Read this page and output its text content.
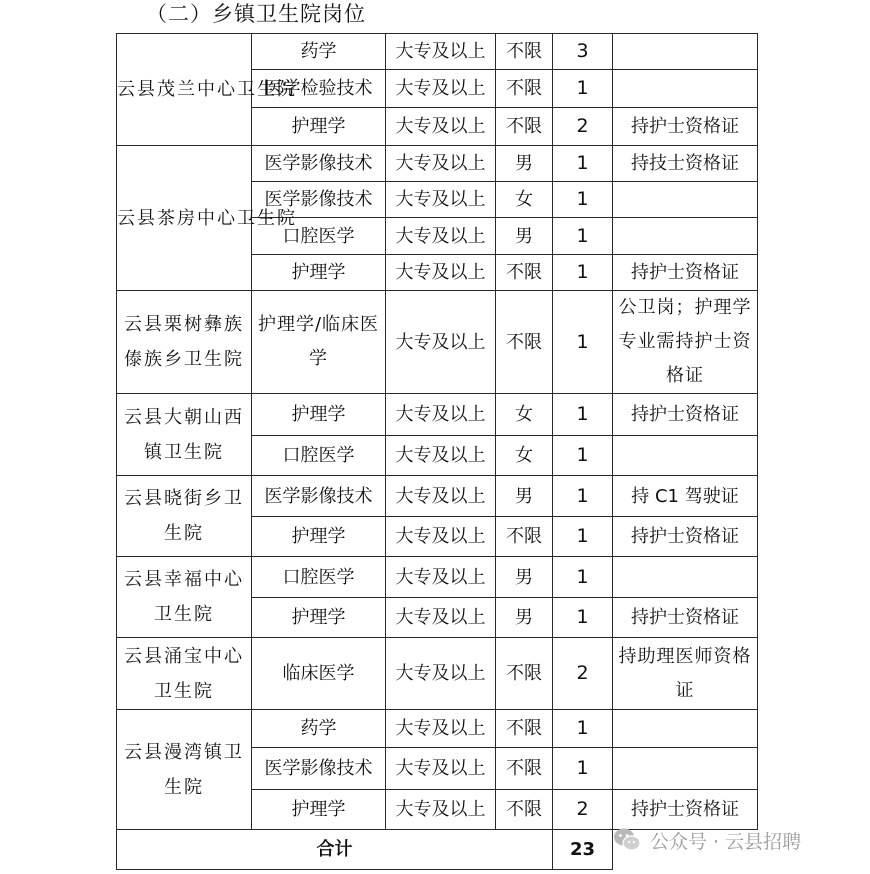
（二）乡镇卫生院岗位
云县茂兰中心卫生院	药学	大专及以上	不限	3	
	医学检验技术	大专及以上	不限	1	
	护理学	大专及以上	不限	2	持护士资格证
云县茶房中心卫生院	医学影像技术	大专及以上	男	1	持技士资格证
	医学影像技术	大专及以上	女	1	
	口腔医学	大专及以上	男	1	
	护理学	大专及以上	不限	1	持护士资格证
云县栗树彝族傣族乡卫生院	护理学/临床医学	大专及以上	不限	1	公卫岗；护理学专业需持护士资格证
云县大朝山西镇卫生院	护理学	大专及以上	女	1	持护士资格证
	口腔医学	大专及以上	女	1	
云县晓街乡卫生院	医学影像技术	大专及以上	男	1	持 C1 驾驶证
	护理学	大专及以上	不限	1	持护士资格证
云县幸福中心卫生院	口腔医学	大专及以上	男	1	
	护理学	大专及以上	男	1	持护士资格证
云县涌宝中心卫生院	临床医学	大专及以上	不限	2	持助理医师资格证
云县漫湾镇卫生院	药学	大专及以上	不限	1	
	医学影像技术	大专及以上	不限	1	
	护理学	大专及以上	不限	2	持护士资格证
合计				23		公众号 · 云县招聘
